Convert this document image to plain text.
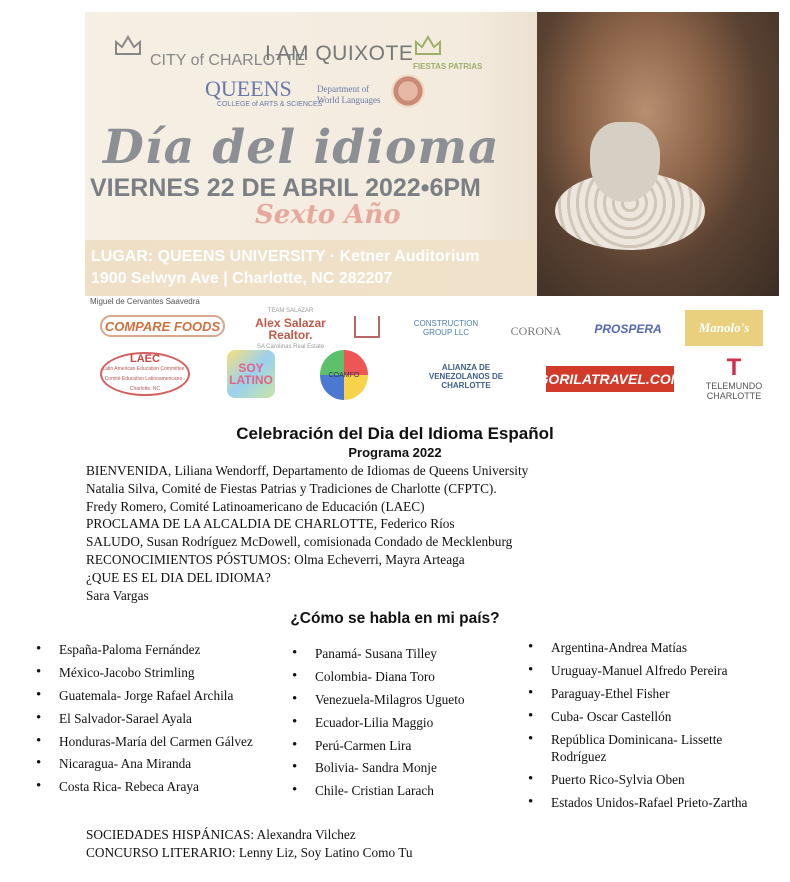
CITY of CHARLOTTE
I AM QUIXOTE
FIESTAS PATRIAS
QUEENS
COLLEGE of ARTS & SCIENCES
Department of World Languages
Día del idioma
VIERNES 22 DE ABRIL 2022•6PM
Sexto Año
LUGAR: QUEENS UNIVERSITY · Ketner Auditorium
1900 Selwyn Ave | Charlotte, NC 282207
Miguel de Cervantes Saavedra
COMPARE FOODS
TEAM SALAZAR
Alex Salazar Realtor.
SA Carolinas Real Estate
CONSTRUCTION GROUP LLC	CORONA	PROSPERA	Manolo's
LAEC
Latin American Education Committee · Comité Educativo Latinoamericano · Charlotte, NC
SOY LATINO	COAMFO
ALIANZA DE VENEZOLANOS DE CHARLOTTE	GORILATRAVEL.COM T
TELEMUNDO
CHARLOTTE
Celebración del Dia del Idioma Español
Programa 2022
BIENVENIDA, Liliana Wendorff, Departamento de Idiomas de Queens University
Natalia Silva, Comité de Fiestas Patrias y Tradiciones de Charlotte (CFPTC).
Fredy Romero, Comité Latinoamericano de Educación (LAEC)
PROCLAMA DE LA ALCALDIA DE CHARLOTTE, Federico Ríos
SALUDO, Susan Rodríguez McDowell, comisionada Condado de Mecklenburg
RECONOCIMIENTOS PÓSTUMOS: Olma Echeverri, Mayra Arteaga
¿QUE ES EL DIA DEL IDIOMA?
Sara Vargas
¿Cómo se habla en mi país?
• España-Paloma Fernández
• México-Jacobo Strimling
• Guatemala- Jorge Rafael Archila
• El Salvador-Sarael Ayala
• Honduras-María del Carmen Gálvez
• Nicaragua- Ana Miranda
• Costa Rica- Rebeca Araya
• Panamá- Susana Tilley
• Colombia- Diana Toro
• Venezuela-Milagros Ugueto
• Ecuador-Lilia Maggio
• Perú-Carmen Lira
• Bolivia- Sandra Monje
• Chile- Cristian Larach
• Argentina-Andrea Matías
• Uruguay-Manuel Alfredo Pereira
• Paraguay-Ethel Fisher
• Cuba- Oscar Castellón
• República Dominicana- Lissette Rodríguez
• Puerto Rico-Sylvia Oben
• Estados Unidos-Rafael Prieto-Zartha
SOCIEDADES HISPÁNICAS: Alexandra Vilchez
CONCURSO LITERARIO: Lenny Liz, Soy Latino Como Tu
